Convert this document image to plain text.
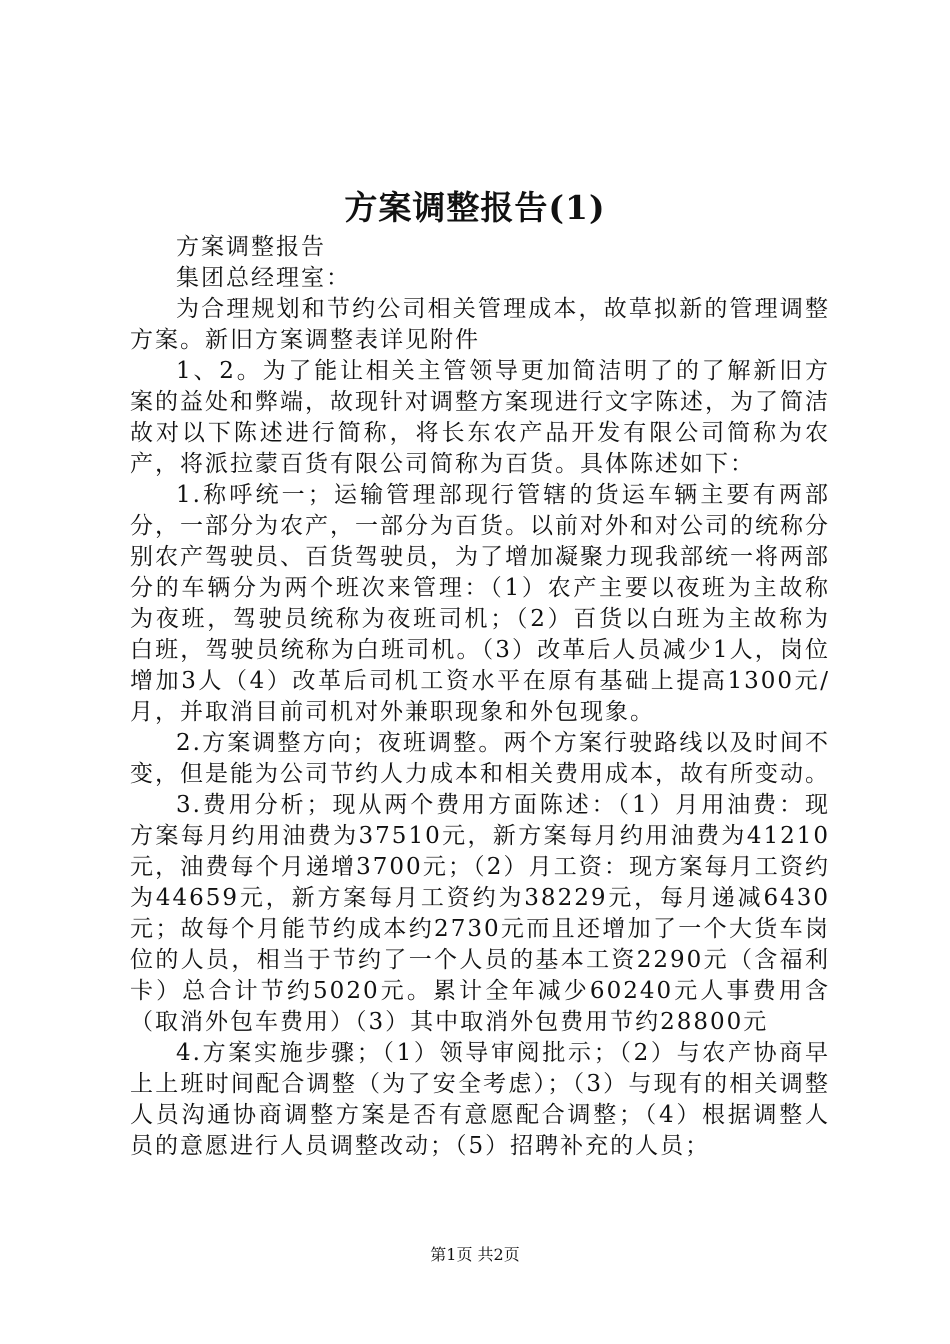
方案调整报告(1)

方案调整报告

集团总经理室：

为合理规划和节约公司相关管理成本，故草拟新的管理调整方案。新旧方案调整表详见附件

1、2。为了能让相关主管领导更加简洁明了的了解新旧方案的益处和弊端，故现针对调整方案现进行文字陈述，为了简洁故对以下陈述进行简称，将长东农产品开发有限公司简称为农产，将派拉蒙百货有限公司简称为百货。具体陈述如下：

1.称呼统一；运输管理部现行管辖的货运车辆主要有两部分，一部分为农产，一部分为百货。以前对外和对公司的统称分别农产驾驶员、百货驾驶员，为了增加凝聚力现我部统一将两部分的车辆分为两个班次来管理：（1）农产主要以夜班为主故称为夜班，驾驶员统称为夜班司机；（2）百货以白班为主故称为白班，驾驶员统称为白班司机。（3）改革后人员减少1人，岗位增加3人（4）改革后司机工资水平在原有基础上提高1300元/月，并取消目前司机对外兼职现象和外包现象。

2.方案调整方向；夜班调整。两个方案行驶路线以及时间不变，但是能为公司节约人力成本和相关费用成本，故有所变动。

3.费用分析；现从两个费用方面陈述：（1）月用油费：现方案每月约用油费为37510元，新方案每月约用油费为41210元，油费每个月递增3700元；（2）月工资：现方案每月工资约为44659元，新方案每月工资约为38229元，每月递减6430元；故每个月能节约成本约2730元而且还增加了一个大货车岗位的人员，相当于节约了一个人员的基本工资2290元（含福利卡）总合计节约5020元。累计全年减少60240元人事费用含（取消外包车费用）（3）其中取消外包费用节约28800元

4.方案实施步骤；（1）领导审阅批示；（2）与农产协商早上上班时间配合调整（为了安全考虑）；（3）与现有的相关调整人员沟通协商调整方案是否有意愿配合调整；（4）根据调整人员的意愿进行人员调整改动；（5）招聘补充的人员；

第1页 共2页
